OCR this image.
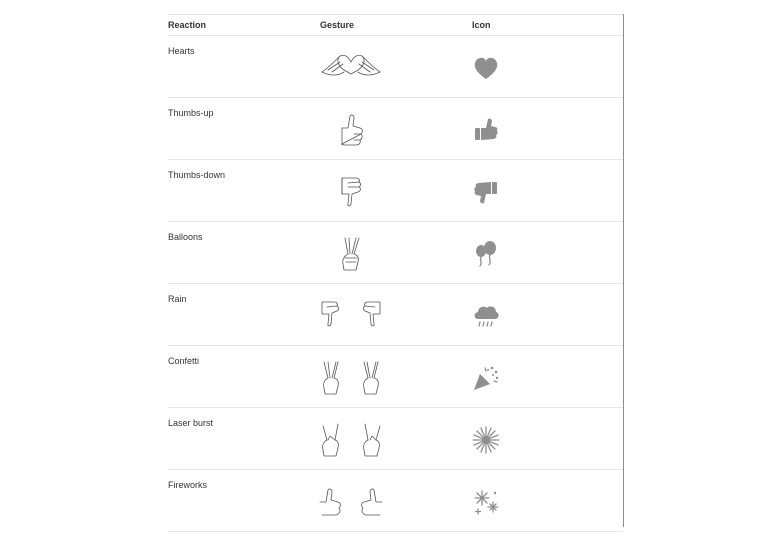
Reaction	Gesture	Icon
Hearts
Thumbs-up
Thumbs-down
Balloons
Rain
Confetti
Laser burst
Fireworks
